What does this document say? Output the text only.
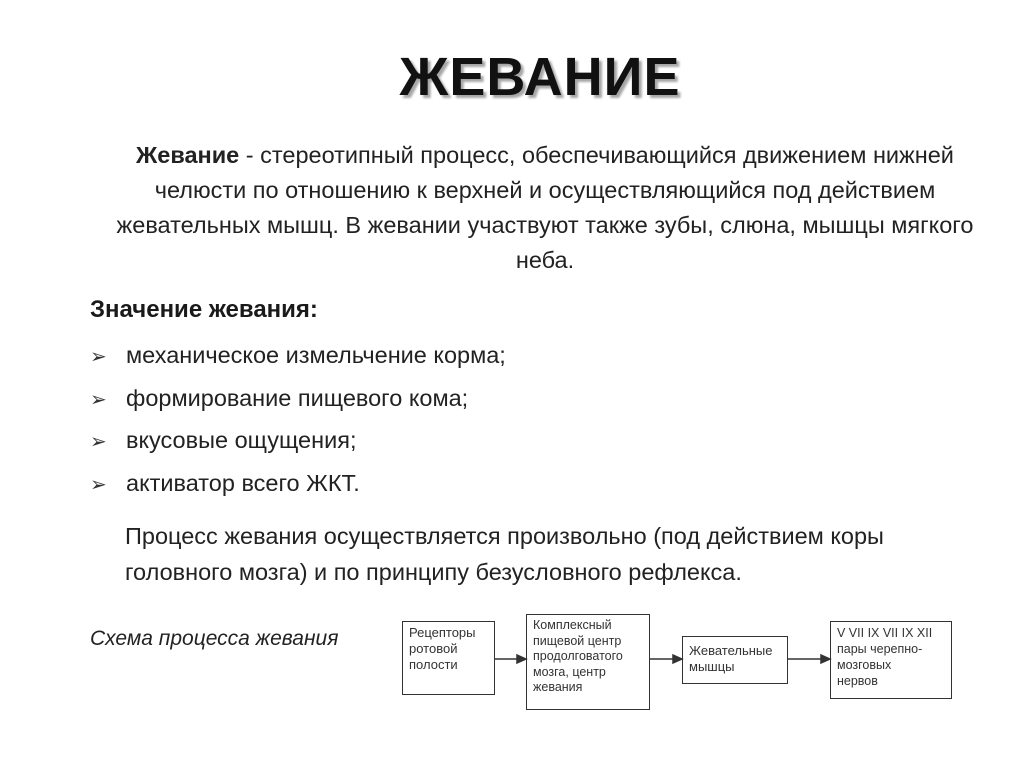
ЖЕВАНИЕ
Жевание - стереотипный процесс, обеспечивающийся движением нижней челюсти по отношению к верхней и осуществляющийся под действием жевательных мышц. В жевании участвуют также зубы, слюна, мышцы мягкого неба.
Значение жевания:
➢ механическое измельчение корма;
➢ формирование пищевого кома;
➢ вкусовые ощущения;
➢ активатор всего ЖКТ.
Процесс жевания осуществляется произвольно (под действием коры головного мозга) и по принципу безусловного рефлекса.
Схема процесса жевания	Рецепторы
ротовой
полости
Комплексный
пищевой центр
продолговатого
мозга, центр
жевания
Жевательные
мышцы
V VII IX VII IX XII
пары черепно-
мозговых
нервов
